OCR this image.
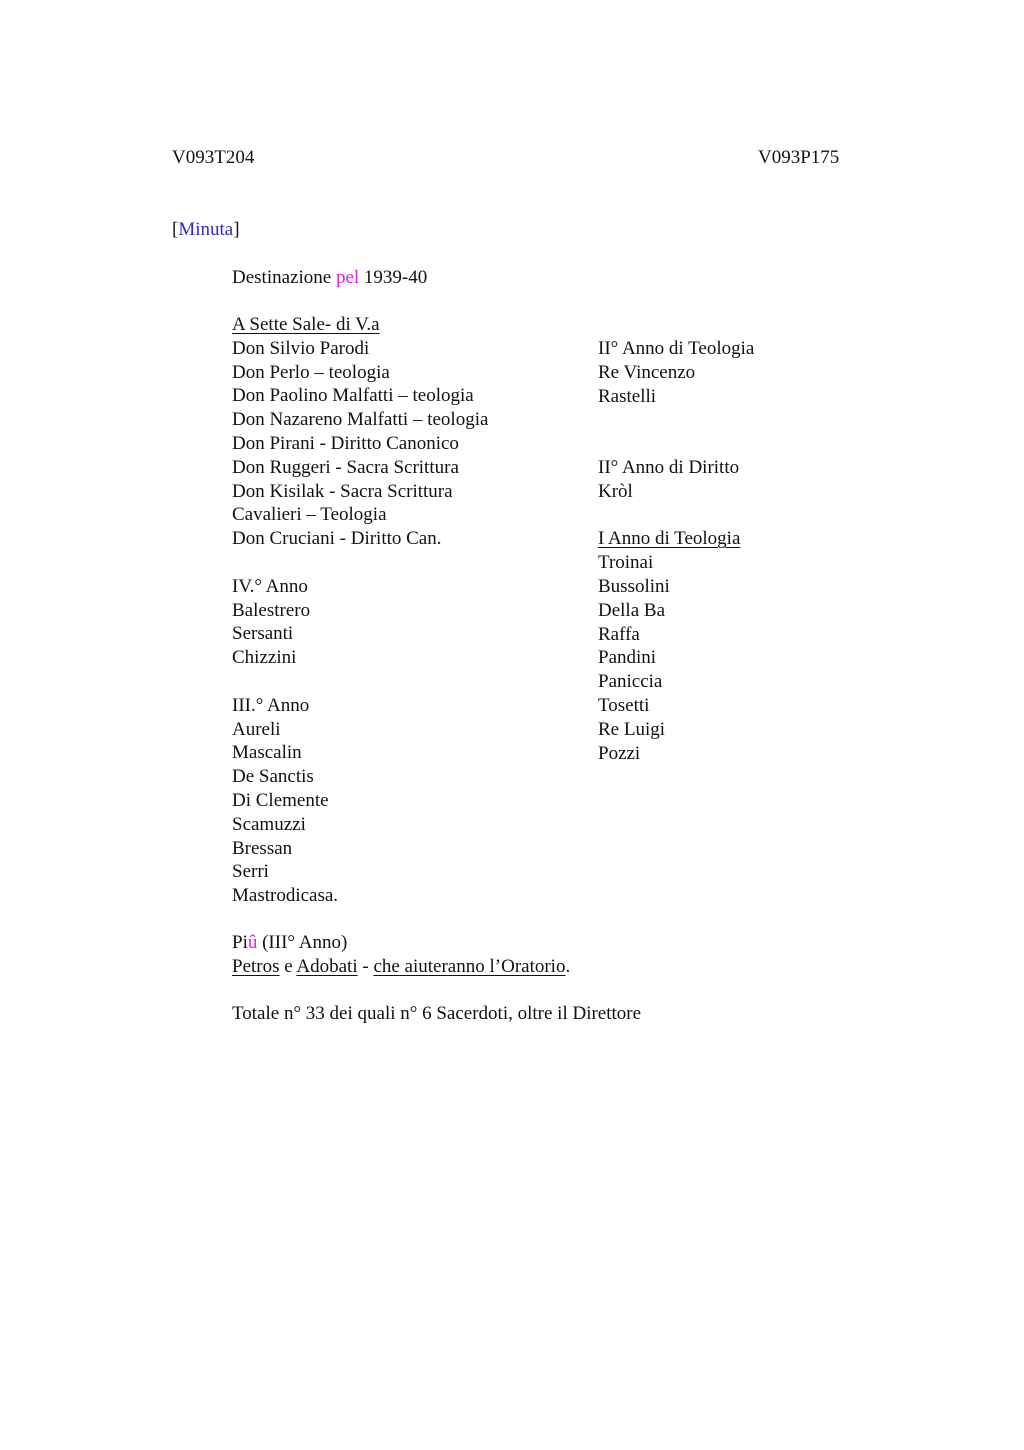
V093T204	V093P175
[Minuta]
Destinazione pel 1939-40
A Sette Sale- di V.a
Don Silvio Parodi
Don Perlo – teologia
Don Paolino Malfatti – teologia
Don Nazareno Malfatti – teologia
Don Pirani - Diritto Canonico
Don Ruggeri - Sacra Scrittura
Don Kisilak - Sacra Scrittura
Cavalieri – Teologia
Don Cruciani - Diritto Can.
IV.° Anno
Balestrero
Sersanti
Chizzini
III.° Anno
Aureli
Mascalin
De Sanctis
Di Clemente
Scamuzzi
Bressan
Serri
Mastrodicasa.
II° Anno di Teologia
Re Vincenzo
Rastelli
II° Anno di Diritto
Kròl
I Anno di Teologia
Troinai
Bussolini
Della Ba
Raffa
Pandini
Paniccia
Tosetti
Re Luigi
Pozzi
Piû (III° Anno)
Petros e Adobati - che aiuteranno l’Oratorio.
Totale n° 33 dei quali n° 6 Sacerdoti, oltre il Direttore
